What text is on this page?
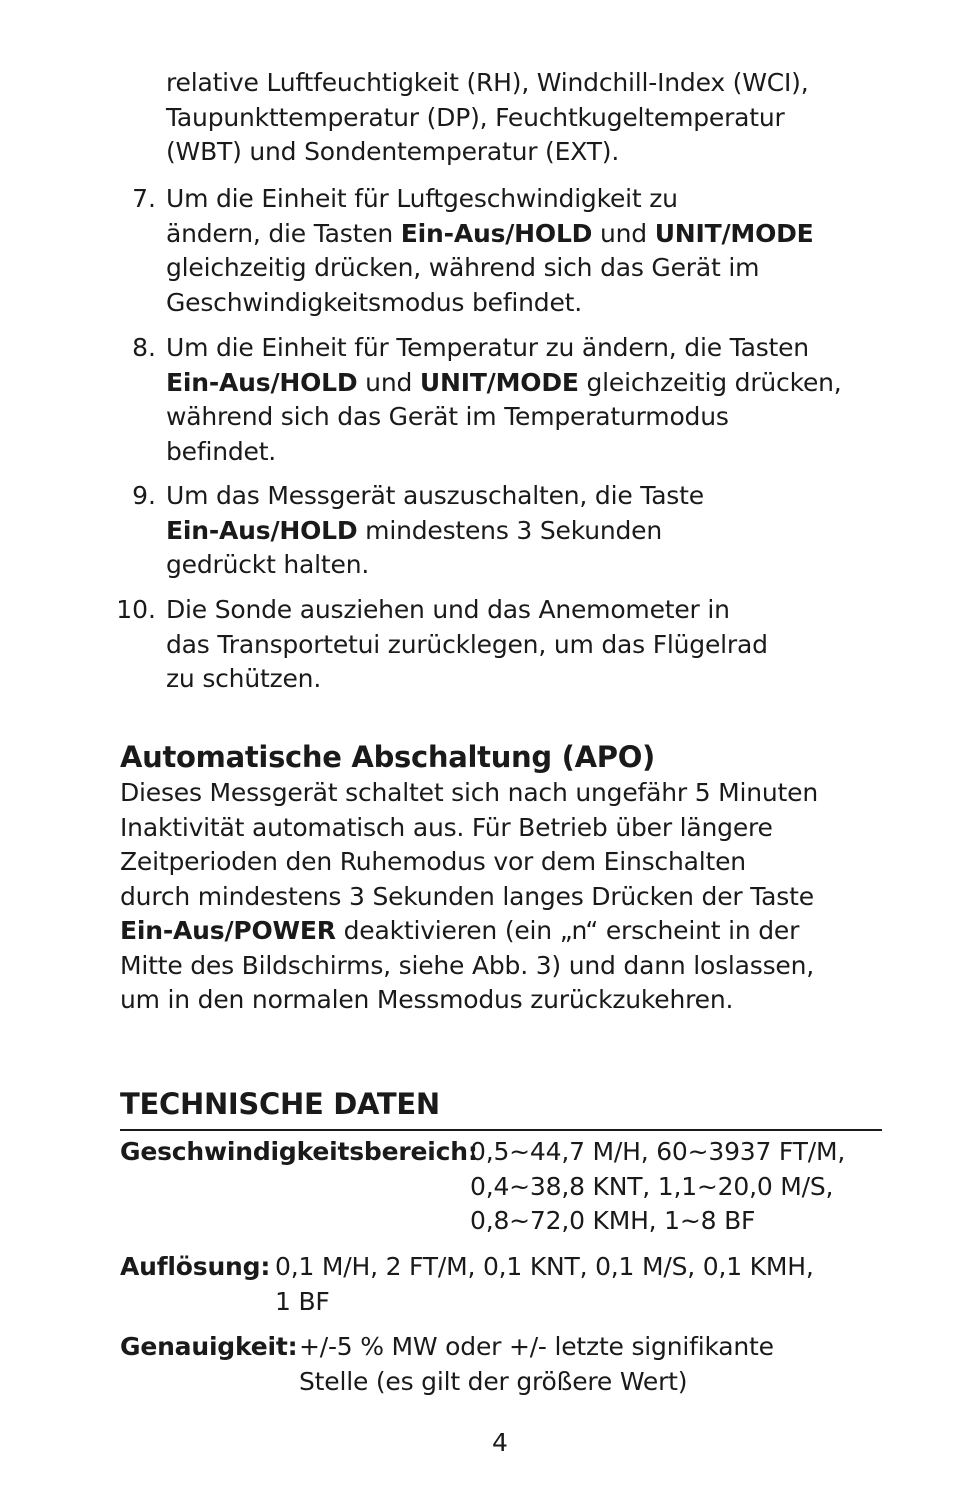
relative Luftfeuchtigkeit (RH), Windchill-Index (WCI),
Taupunkttemperatur (DP), Feuchtkugeltemperatur
(WBT) und Sondentemperatur (EXT).
7. Um die Einheit für Luftgeschwindigkeit zu
ändern, die Tasten Ein-Aus/HOLD und UNIT/MODE
gleichzeitig drücken, während sich das Gerät im
Geschwindigkeitsmodus befindet.
8. Um die Einheit für Temperatur zu ändern, die Tasten
Ein-Aus/HOLD und UNIT/MODE gleichzeitig drücken,
während sich das Gerät im Temperaturmodus
befindet.
9. Um das Messgerät auszuschalten, die Taste
Ein-Aus/HOLD mindestens 3 Sekunden
gedrückt halten.
10. Die Sonde ausziehen und das Anemometer in
das Transportetui zurücklegen, um das Flügelrad
zu schützen.
Automatische Abschaltung (APO)
Dieses Messgerät schaltet sich nach ungefähr 5 Minuten
Inaktivität automatisch aus. Für Betrieb über längere
Zeitperioden den Ruhemodus vor dem Einschalten
durch mindestens 3 Sekunden langes Drücken der Taste
Ein-Aus/POWER deaktivieren (ein „n“ erscheint in der
Mitte des Bildschirms, siehe Abb. 3) und dann loslassen,
um in den normalen Messmodus zurückzukehren.
TECHNISCHE DATEN
Geschwindigkeitsbereich:
0,5~44,7 M/H, 60~3937 FT/M,
0,4~38,8 KNT, 1,1~20,0 M/S,
0,8~72,0 KMH, 1~8 BF
Auflösung: 0,1 M/H, 2 FT/M, 0,1 KNT, 0,1 M/S, 0,1 KMH,
1 BF
Genauigkeit: +/-5 % MW oder +/- letzte signifikante
Stelle (es gilt der größere Wert)
4
